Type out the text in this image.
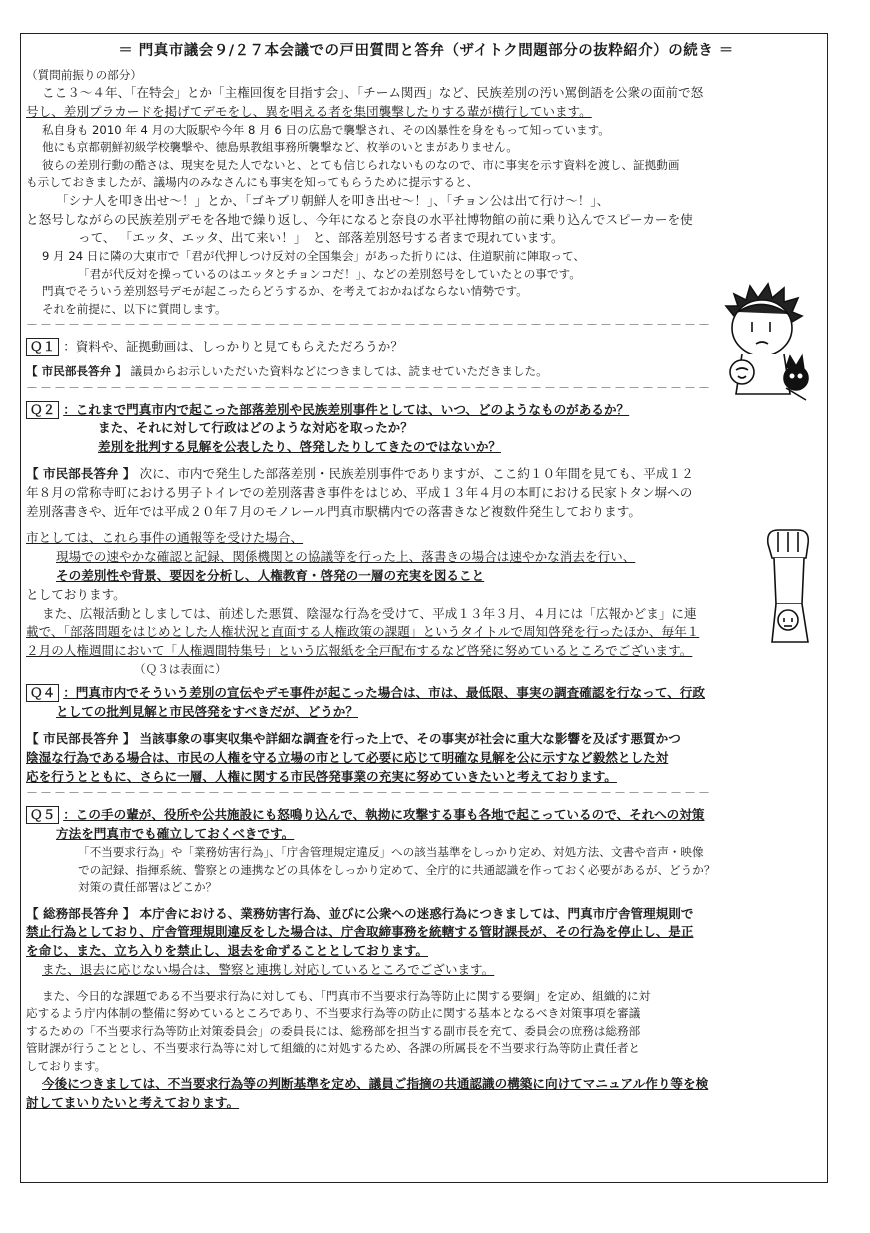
＝ 門真市議会９/２７本会議での戸田質問と答弁（ザイトク問題部分の抜粋紹介）の続き ＝

（質問前振りの部分）

ここ３～４年、「在特会」とか「主権回復を目指す会」、「チーム関西」など、民族差別の汚い罵倒語を公衆の面前で怒

号し、差別プラカードを掲げてデモをし、異を唱える者を集団襲撃したりする輩が横行しています。

私自身も 2010 年 4 月の大阪駅や今年 8 月 6 日の広島で襲撃され、その凶暴性を身をもって知っています。

他にも京都朝鮮初級学校襲撃や、徳島県教組事務所襲撃など、枚挙のいとまがありません。

彼らの差別行動の酷さは、現実を見た人でないと、とても信じられないものなので、市に事実を示す資料を渡し、証拠動画

も示しておきましたが、議場内のみなさんにも事実を知ってもらうために提示すると、

「シナ人を叩き出せ～！」とか、「ゴキブリ朝鮮人を叩き出せ～！」、「チョン公は出て行け～！」、

と怒号しながらの民族差別デモを各地で繰り返し、今年になると奈良の水平社博物館の前に乗り込んでスピーカーを使

って、 「エッタ、エッタ、出て来い！」　と、部落差別怒号する者まで現れています。

9 月 24 日に隣の大東市で「君が代押しつけ反対の全国集会」があった折りには、住道駅前に陣取って、

「君が代反対を操っているのはエッタとチョンコだ！」、などの差別怒号をしていたとの事です。

門真でそういう差別怒号デモが起こったらどうするか、を考えておかねばならない情勢です。

それを前提に、以下に質問します。

－－－－－－－－－－－－－－－－－－－－－－－－－－－－－－－－－－－－－－－－－－－－－－－－－

Ｑ１ ：資料や、証拠動画は、しっかりと見てもらえただろうか？

【 市民部長答弁 】 議員からお示しいただいた資料などにつきましては、読ませていただきました。

－－－－－－－－－－－－－－－－－－－－－－－－－－－－－－－－－－－－－－－－－－－－－－－－－

Ｑ２ ：これまで門真市内で起こった部落差別や民族差別事件としては、いつ、どのようなものがあるか？

また、それに対して行政はどのような対応を取ったか？

差別を批判する見解を公表したり、啓発したりしてきたのではないか？

【 市民部長答弁 】 次に、市内で発生した部落差別・民族差別事件でありますが、ここ約１０年間を見ても、平成１２

年８月の常称寺町における男子トイレでの差別落書き事件をはじめ、平成１３年４月の本町における民家トタン塀への

差別落書きや、近年では平成２０年７月のモノレール門真市駅構内での落書きなど複数件発生しております。

市としては、これら事件の通報等を受けた場合、

現場での速やかな確認と記録、関係機関との協議等を行った上、落書きの場合は速やかな消去を行い、

その差別性や背景、要因を分析し、人権教育・啓発の一層の充実を図ること

としております。

また、広報活動としましては、前述した悪質、陰湿な行為を受けて、平成１３年３月、４月には「広報かどま」に連

載で、「部落問題をはじめとした人権状況と直面する人権政策の課題」というタイトルで周知啓発を行ったほか、毎年１

２月の人権週間において「人権週間特集号」という広報紙を全戸配布するなど啓発に努めているところでございます。

（Ｑ３は表面に）

Ｑ４ ：門真市内でそういう差別の宣伝やデモ事件が起こった場合は、市は、最低限、事実の調査確認を行なって、行政

としての批判見解と市民啓発をすべきだが、どうか？

【 市民部長答弁 】 当該事象の事実収集や詳細な調査を行った上で、その事実が社会に重大な影響を及ぼす悪質かつ

陰湿な行為である場合は、市民の人権を守る立場の市として必要に応じて明確な見解を公に示すなど毅然とした対

応を行うとともに、さらに一層、人権に関する市民啓発事業の充実に努めていきたいと考えております。

－－－－－－－－－－－－－－－－－－－－－－－－－－－－－－－－－－－－－－－－－－－－－－－－－

Ｑ５ ：この手の輩が、役所や公共施設にも怒鳴り込んで、執拗に攻撃する事も各地で起こっているので、それへの対策

方法を門真市でも確立しておくべきです。

「不当要求行為」や「業務妨害行為」、「庁舎管理規定違反」への該当基準をしっかり定め、対処方法、文書や音声・映像

での記録、指揮系統、警察との連携などの具体をしっかり定めて、全庁的に共通認識を作っておく必要があるが、どうか？

対策の責任部署はどこか？

【 総務部長答弁 】 本庁舎における、業務妨害行為、並びに公衆への迷惑行為につきましては、門真市庁舎管理規則で

禁止行為としており、庁舎管理規則違反をした場合は、庁舎取締事務を統轄する管財課長が、その行為を停止し、是正

を命じ、また、立ち入りを禁止し、退去を命ずることとしております。

また、退去に応じない場合は、警察と連携し対応しているところでございます。

また、今日的な課題である不当要求行為に対しても、「門真市不当要求行為等防止に関する要綱」を定め、組織的に対

応するよう庁内体制の整備に努めているところであり、不当要求行為等の防止に関する基本となるべき対策事項を審議

するための「不当要求行為等防止対策委員会」の委員長には、総務部を担当する副市長を充て、委員会の庶務は総務部

管財課が行うこととし、不当要求行為等に対して組織的に対処するため、各課の所属長を不当要求行為等防止責任者と

しております。

今後につきましては、不当要求行為等の判断基準を定め、議員ご指摘の共通認識の構築に向けてマニュアル作り等を検

討してまいりたいと考えております。
